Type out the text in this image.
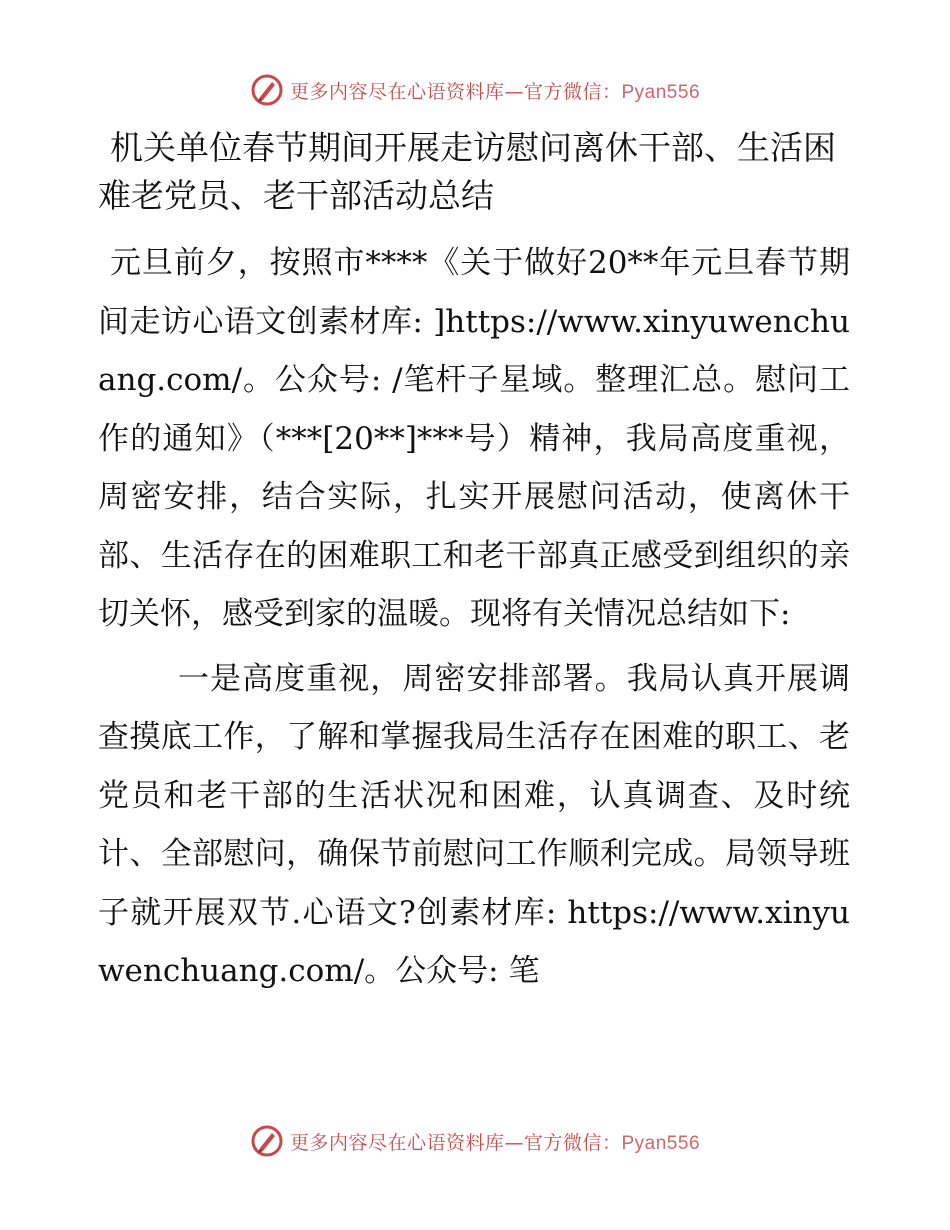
更多内容尽在心语资料库—官方微信：Pyan556
机关单位春节期间开展走访慰问离休干部、生活困难老党员、老干部活动总结

元旦前夕，按照市****《关于做好20**年元旦春节期间走访心语文创素材库: ]https://www.xinyuwenchuang.com/。公众号: /笔杆子星域。整理汇总。慰问工作的通知》（***[20**]***号）精神，我局高度重视，周密安排，结合实际，扎实开展慰问活动，使离休干部、生活存在的困难职工和老干部真正感受到组织的亲切关怀，感受到家的温暖。现将有关情况总结如下:

一是高度重视，周密安排部署。我局认真开展调查摸底工作，了解和掌握我局生活存在困难的职工、老党员和老干部的生活状况和困难，认真调查、及时统计、全部慰问，确保节前慰问工作顺利完成。局领导班子就开展双节.心语文?创素材库: https://www.xinyuwenchuang.com/。公众号: 笔

更多内容尽在心语资料库—官方微信：Pyan556
